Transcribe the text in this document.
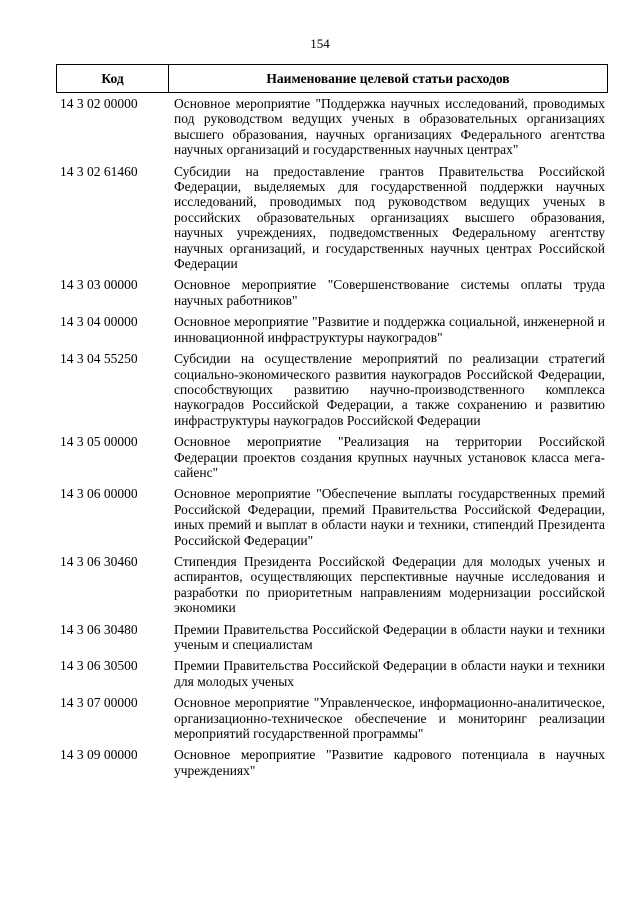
154
Код	Наименование целевой статьи расходов
14 3 02 00000	Основное мероприятие "Поддержка научных исследований, проводимых под руководством ведущих ученых в образовательных организациях высшего образования, научных организациях Федерального агентства научных организаций и государственных научных центрах"
14 3 02 61460	Субсидии на предоставление грантов Правительства Российской Федерации, выделяемых для государственной поддержки научных исследований, проводимых под руководством ведущих ученых в российских образовательных организациях высшего образования, научных учреждениях, подведомственных Федеральному агентству научных организаций, и государственных научных центрах Российской Федерации
14 3 03 00000	Основное мероприятие "Совершенствование системы оплаты труда научных работников"
14 3 04 00000	Основное мероприятие "Развитие и поддержка социальной, инженерной и инновационной инфраструктуры наукоградов"
14 3 04 55250	Субсидии на осуществление мероприятий по реализации стратегий социально-экономического развития наукоградов Российской Федерации, способствующих развитию научно-производственного комплекса наукоградов Российской Федерации, а также сохранению и развитию инфраструктуры наукоградов Российской Федерации
14 3 05 00000	Основное мероприятие "Реализация на территории Российской Федерации проектов создания крупных научных установок класса мега-сайенс"
14 3 06 00000	Основное мероприятие "Обеспечение выплаты государственных премий Российской Федерации, премий Правительства Российской Федерации, иных премий и выплат в области науки и техники, стипендий Президента Российской Федерации"
14 3 06 30460	Стипендия Президента Российской Федерации для молодых ученых и аспирантов, осуществляющих перспективные научные исследования и разработки по приоритетным направлениям модернизации российской экономики
14 3 06 30480	Премии Правительства Российской Федерации в области науки и техники ученым и специалистам
14 3 06 30500	Премии Правительства Российской Федерации в области науки и техники для молодых ученых
14 3 07 00000	Основное мероприятие "Управленческое, информационно-аналитическое, организационно-техническое обеспечение и мониторинг реализации мероприятий государственной программы"
14 3 09 00000	Основное мероприятие "Развитие кадрового потенциала в научных учреждениях"
